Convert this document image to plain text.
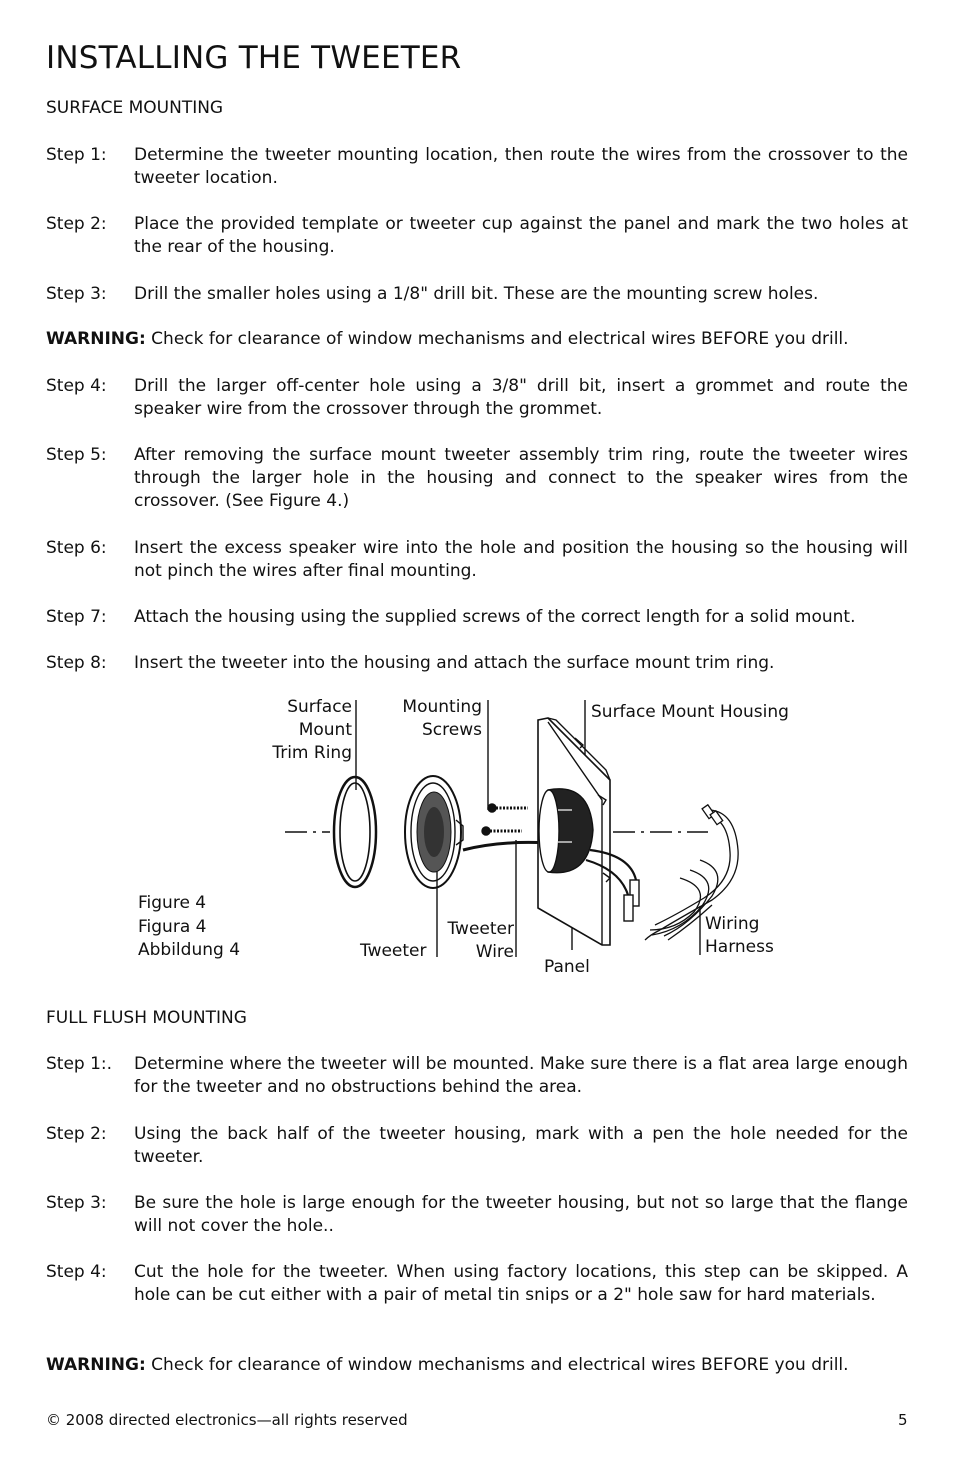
INSTALLING THE TWEETER
SURFACE MOUNTING
Step 1: Determine the tweeter mounting location, then route the wires from the crossover to the tweeter location.
Step 2: Place the provided template or tweeter cup against the panel and mark the two holes at the rear of the housing.
Step 3: Drill the smaller holes using a 1/8" drill bit. These are the mounting screw holes.
WARNING: Check for clearance of window mechanisms and electrical wires BEFORE you drill.
Step 4: Drill the larger off-center hole using a 3/8" drill bit, insert a grommet and route the speaker wire from the crossover through the grommet.
Step 5: After removing the surface mount tweeter assembly trim ring, route the tweeter wires through the larger hole in the housing and connect to the speaker wires from the crossover. (See Figure 4.)
Step 6: Insert the excess speaker wire into the hole and position the housing so the housing will not pinch the wires after final mounting.
Step 7: Attach the housing using the supplied screws of the correct length for a solid mount.
Step 8: Insert the tweeter into the housing and attach the surface mount trim ring.
Surface
Mount
Trim Ring
Mounting
Screws
Surface Mount Housing
Tweeter
Tweeter
Wire
Panel
Wiring
Harness
Figure 4
Figura 4
Abbildung 4
FULL FLUSH MOUNTING
Step 1:. Determine where the tweeter will be mounted. Make sure there is a flat area large enough for the tweeter and no obstructions behind the area.
Step 2: Using the back half of the tweeter housing, mark with a pen the hole needed for the tweeter.
Step 3: Be sure the hole is large enough for the tweeter housing, but not so large that the flange will not cover the hole..
Step 4: Cut the hole for the tweeter. When using factory locations, this step can be skipped. A hole can be cut either with a pair of metal tin snips or a 2" hole saw for hard materials.
WARNING: Check for clearance of window mechanisms and electrical wires BEFORE you drill.
© 2008 directed electronics—all rights reserved	5
